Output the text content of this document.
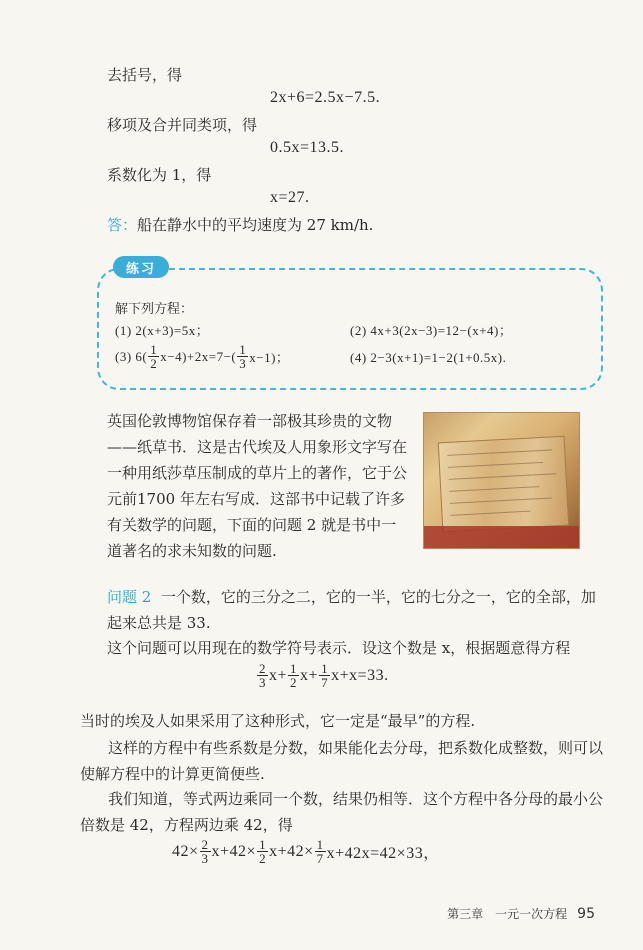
去括号，得
2x+6=2.5x−7.5.
移项及合并同类项，得
0.5x=13.5.
系数化为 1，得
x=27.
答：船在静水中的平均速度为 27 km/h.
练习
解下列方程：
(1) 2(x+3)=5x；	(2) 4x+3(2x−3)=12−(x+4)；
(3) $6( \frac{1}{2} x-4)+2x=7-( \frac{1}{3} x-1)$；	(4) 2−3(x+1)=1−2(1+0.5x).
英国伦敦博物馆保存着一部极其珍贵的文物——纸草书．这是古代埃及人用象形文字写在一种用纸莎草压制成的草片上的著作，它于公元前1700 年左右写成．这部书中记载了许多有关数学的问题，下面的问题 2 就是书中一道著名的求未知数的问题.
问题 2 一个数，它的三分之二，它的一半，它的七分之一，它的全部，加起来总共是 33.
这个问题可以用现在的数学符号表示．设这个数是 x，根据题意得方程
$\frac{2}{3} x+ \frac{1}{2} x+ \frac{1}{7} x+x=33$.
当时的埃及人如果采用了这种形式，它一定是“最早”的方程.
这样的方程中有些系数是分数，如果能化去分母，把系数化成整数，则可以使解方程中的计算更简便些.
我们知道，等式两边乘同一个数，结果仍相等．这个方程中各分母的最小公倍数是 42，方程两边乘 42，得
$42\times \frac{2}{3} x+42\times \frac{1}{2} x+42\times \frac{1}{7} x+42x=42\times 33$，
第三章　一元一次方程 95
